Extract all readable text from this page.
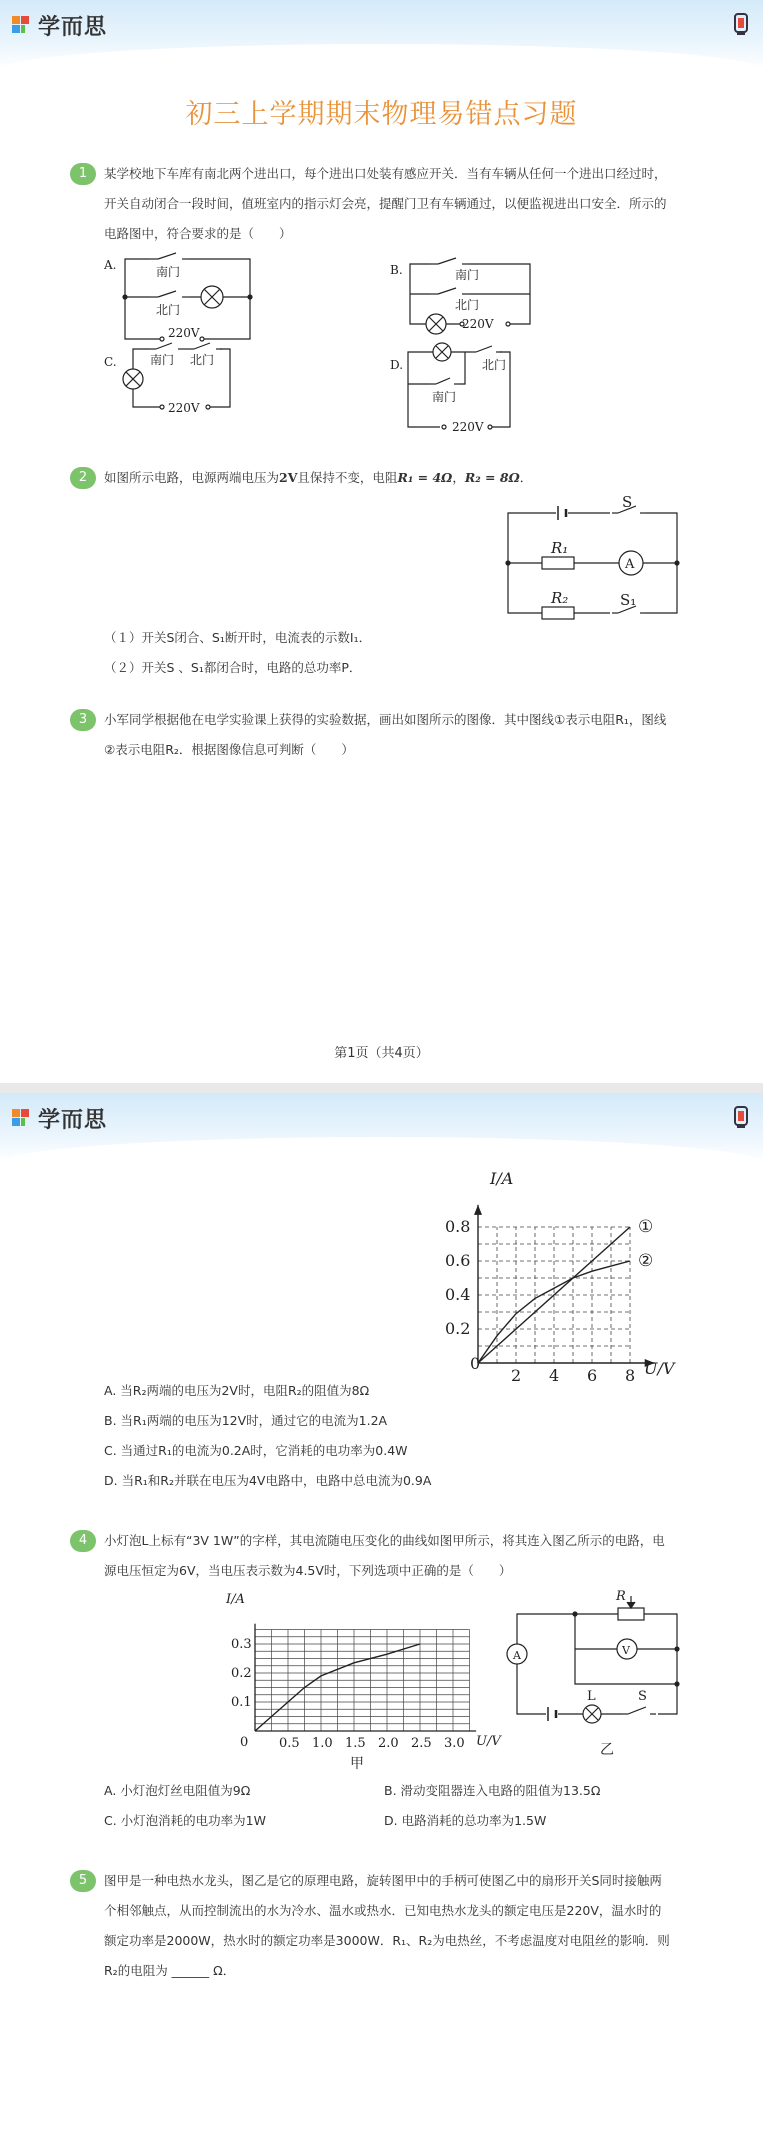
学而思
初三上学期期末物理易错点习题
1	某学校地下车库有南北两个进出口，每个进出口处装有感应开关．当有车辆从任何一个进出口经过时，开关自动闭合一段时间，值班室内的指示灯会亮，提醒门卫有车辆通过，以便监视进出口安全．所示的电路图中，符合要求的是（　　）
A.	南门
北门
220V
B.	南门
北门
220V
C.	南门 北门
220V
D.	北门
南门
220V
2	如图所示电路，电源两端电压为2V且保持不变，电阻R₁ = 4Ω，R₂ = 8Ω．
S
R₁
A
R₂	S₁
（１）开关S闭合、S₁断开时，电流表的示数I₁．
（２）开关S 、S₁都闭合时，电路的总功率P．
3	小军同学根据他在电学实验课上获得的实验数据，画出如图所示的图像．其中图线①表示电阻R₁，图线②表示电阻R₂．根据图像信息可判断（　　）
第1页（共4页）
学而思
2 4 6 8
0.2
0.4
0.6
0.8	①
②
I/A
U/V
0
A. 当R₂两端的电压为2V时，电阻R₂的阻值为8Ω
B. 当R₁两端的电压为12V时，通过它的电流为1.2A
C. 当通过R₁的电流为0.2A时，它消耗的电功率为0.4W
D. 当R₁和R₂并联在电压为4V电路中，电路中总电流为0.9A
4	小灯泡L上标有“3V 1W”的字样，其电流随电压变化的曲线如图甲所示，将其连入图乙所示的电路，电源电压恒定为6V，当电压表示数为4.5V时，下列选项中正确的是（　　）
0.5 1.0 1.5 2.0 2.5 3.0
0.1
0.2
0.3
I/A
U/V
0
甲
乙
R
A	V
L	S
A. 小灯泡灯丝电阻值为9Ω	B. 滑动变阻器连入电路的阻值为13.5Ω
C. 小灯泡消耗的电功率为1W	D. 电路消耗的总功率为1.5W
5	图甲是一种电热水龙头，图乙是它的原理电路，旋转图甲中的手柄可使图乙中的扇形开关S同时接触两个相邻触点，从而控制流出的水为冷水、温水或热水．已知电热水龙头的额定电压是220V，温水时的额定功率是2000W，热水时的额定功率是3000W．R₁、R₂为电热丝，不考虑温度对电阻丝的影响．则R₂的电阻为 ______ Ω．
